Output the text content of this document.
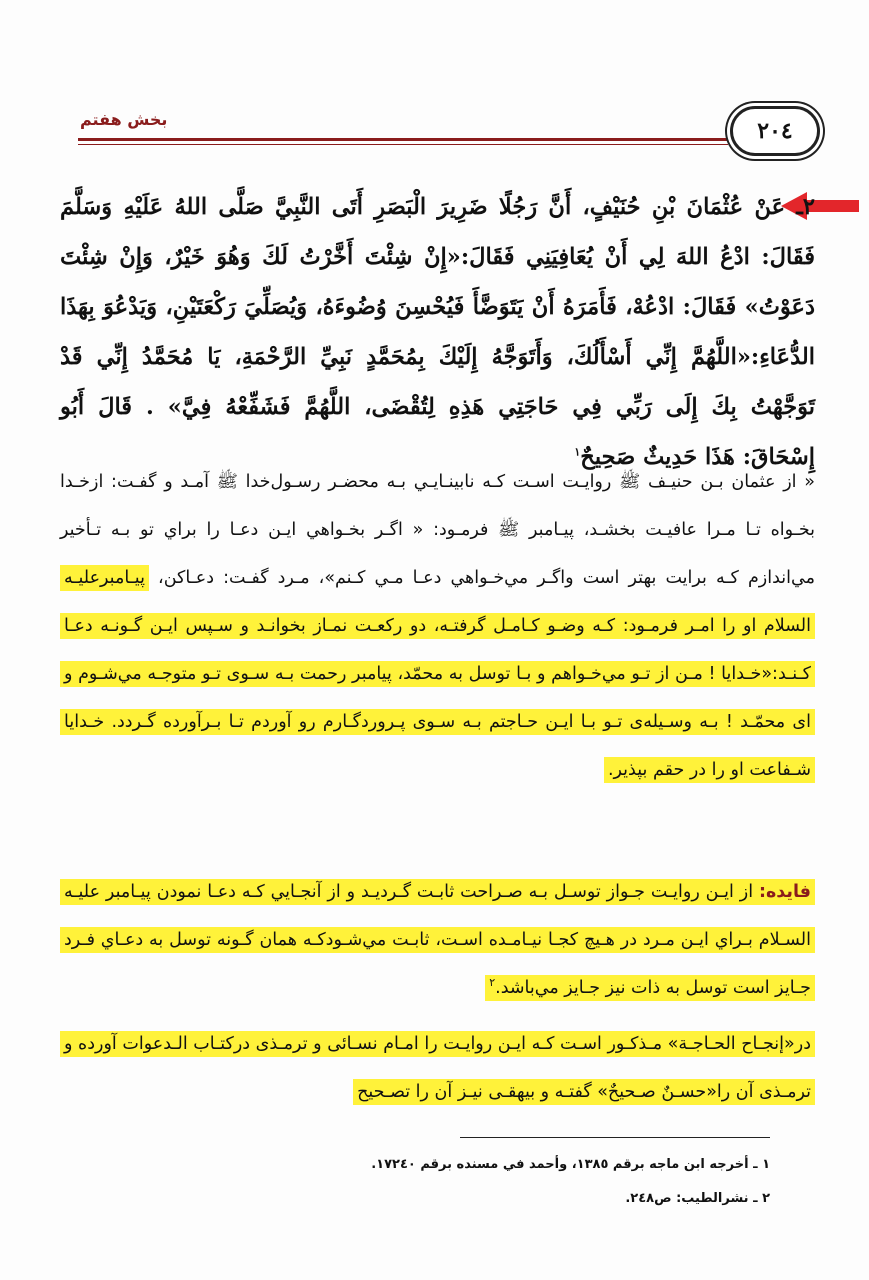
بخش هفتم	٢٠٤
٢ـ عَنْ عُثْمَانَ بْنِ حُنَيْفٍ، أَنَّ رَجُلًا ضَرِيرَ الْبَصَرِ أَتَى النَّبِيَّ صَلَّى اللهُ عَلَيْهِ وَسَلَّمَ فَقَالَ: ادْعُ اللهَ لِي أَنْ يُعَافِيَنِي فَقَالَ:«إِنْ شِئْتَ أَخَّرْتُ لَكَ وَهُوَ خَيْرٌ، وَإِنْ شِئْتَ دَعَوْتُ» فَقَالَ: ادْعُهْ، فَأَمَرَهُ أَنْ يَتَوَضَّأَ فَيُحْسِنَ وُضُوءَهُ، وَيُصَلِّيَ رَكْعَتَيْنِ، وَيَدْعُوَ بِهَذَا الدُّعَاءِ:«اللَّهُمَّ إِنِّي أَسْأَلُكَ، وَأَتَوَجَّهُ إِلَيْكَ بِمُحَمَّدٍ نَبِيِّ الرَّحْمَةِ، يَا مُحَمَّدُ إِنِّي قَدْ تَوَجَّهْتُ بِكَ إِلَى رَبِّي فِي حَاجَتِي هَذِهِ لِتُقْضَى، اللَّهُمَّ فَشَفِّعْهُ فِيَّ» . قَالَ أَبُو إِسْحَاقَ: هَذَا حَدِيثٌ صَحِيحٌ$^١$
« از عثمان بـن حنيـف ﷺ روايـت اسـت كـه نابينـايـي بـه محضـر رسـول‌خدا ﷺ آمـد و گفـت: ازخـدا بخـواه تـا مـرا عافيـت بخشـد، پيـامبر ﷺ فرمـود: « اگـر بخـواهي ايـن دعـا را براي تو بـه تـأخير مي‌اندازم كـه برايت بهتر است واگـر مي‌خـواهي دعـا مـي كـنم»، مـرد گفـت: دعـاكن، پيـامبرعليـه السلام او را امـر فرمـود: كـه وضـو كـامـل گرفتـه، دو ركعـت نمـاز بخوانـد و سـپس ايـن گـونـه دعـا كـنـد:«خـدايا ! مـن از تـو مي‌خـواهم و بـا توسل به محمّد، پيامبر رحمت بـه سـوى تـو متوجـه مي‌شـوم و اى محمّـد ! بـه وسـيله‌ى تـو بـا ايـن حـاجتم بـه سـوى پـروردگـارم رو آوردم تـا بـرآورده گـردد. خـدايا شـفاعت او را در حقم بپذير.
فايده: از ايـن روايـت جـواز توسـل بـه صـراحت ثابـت گـرديـد و از آنجـايي كـه دعـا نمودن پيـامبر عليـه السـلام بـراي ايـن مـرد در هـيچ كجـا نيـامـده اسـت، ثابـت مي‌شـودكـه همان گـونه توسل به دعـاي فـرد جـايز است توسل به ذات نيز جـايز مي‌باشد.$^٢$
در«إنجـاح الحـاجـة» مـذكـور اسـت كـه ايـن روايـت را امـام نسـائى و ترمـذى دركتـاب الـدعوات آورده و ترمـذى آن را«حسـنٌ صـحيحٌ» گفتـه و بيهقـى نيـز آن را تصـحيح
١ ـ أخرجه ابن ماجه برقم ١٣٨٥، وأحمد في مسنده برقم ١٧٢٤٠.
٢ ـ نشرالطيب: ص٢٤٨.
